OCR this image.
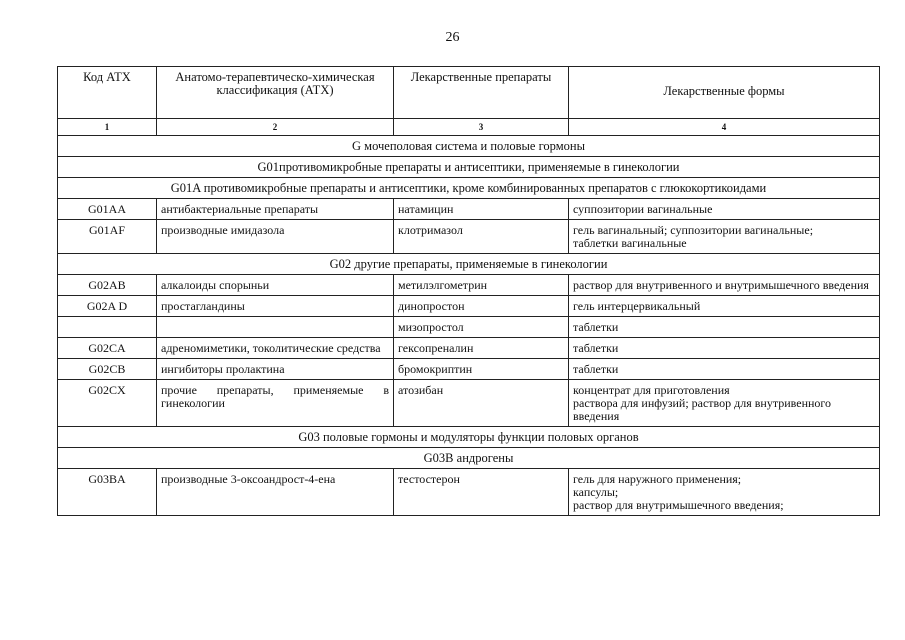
26
Код АТХ	Анатомо-терапевтическо-химическая классификация (АТХ)	Лекарственные препараты	Лекарственные формы
1	2	3	4
G мочеполовая система и половые гормоны			
G01противомикробные препараты и антисептики, применяемые в гинекологии			
G01A противомикробные препараты и антисептики, кроме комбинированных препаратов с глюкокортикоидами			
G01AA	антибактериальные препараты	натамицин	суппозитории вагинальные
G01AF	производные имидазола	клотримазол	гель вагинальный; суппозитории вагинальные;
таблетки вагинальные

G02 другие препараты, применяемые в гинекологии			
G02AB	алкалоиды спорыньи	метилэлгометрин	раствор для внутривенного и внутримышечного введения
G02A D	простагландины	динопростон	гель интерцервикальный
		мизопростол	таблетки
G02CA	адреномиметики, токолитические средства	гексопреналин	таблетки
G02CB	ингибиторы пролактина	бромокриптин	таблетки
G02CX	прочие препараты, применяемые в гинекологии	атозибан	концентрат для приготовления
раствора для инфузий; раствор для внутривенного введения

G03 половые гормоны и модуляторы функции половых органов			
G03B андрогены			
G03BA	производные 3-оксоандрост-4-ена	тестостерон	гель для наружного применения;
капсулы;
раствор для внутримышечного введения;
